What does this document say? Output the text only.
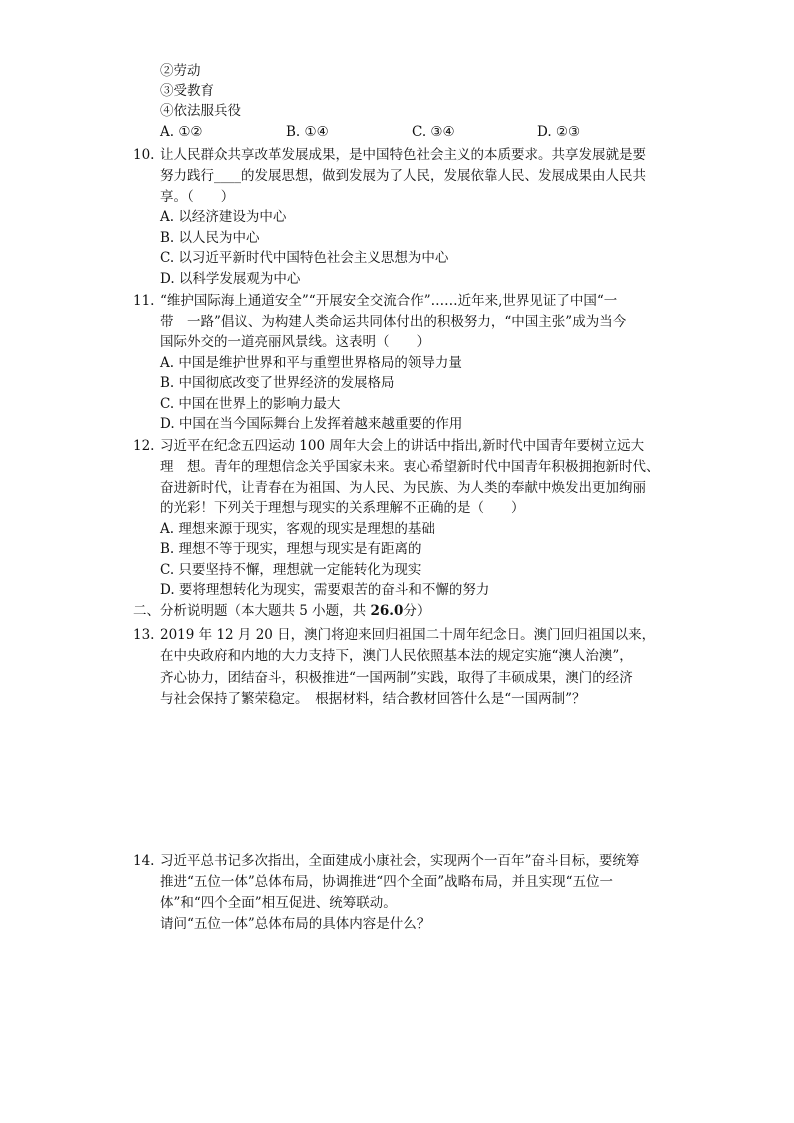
②劳动
③受教育
④依法服兵役
A. ①②	B. ①④	C. ③④	D. ②③
10. 让人民群众共享改革发展成果，是中国特色社会主义的本质要求。共享发展就是要
努力践行____的发展思想，做到发展为了人民，发展依靠人民、发展成果由人民共
享。（　　）
A. 以经济建设为中心
B. 以人民为中心
C. 以习近平新时代中国特色社会主义思想为中心
D. 以科学发展观为中心
11. “维护国际海上通道安全”“开展安全交流合作”……近年来,世界见证了中国“一
带　一路”倡议、为构建人类命运共同体付出的积极努力，“中国主张”成为当今
国际外交的一道亮丽风景线。这表明（　　）
A. 中国是维护世界和平与重塑世界格局的领导力量
B. 中国彻底改变了世界经济的发展格局
C. 中国在世界上的影响力最大
D. 中国在当今国际舞台上发挥着越来越重要的作用
12. 习近平在纪念五四运动 100 周年大会上的讲话中指出,新时代中国青年要树立远大
理　想。青年的理想信念关乎国家未来。衷心希望新时代中国青年积极拥抱新时代、
奋进新时代，让青春在为祖国、为人民、为民族、为人类的奉献中焕发出更加绚丽
的光彩！下列关于理想与现实的关系理解不正确的是（　　）
A. 理想来源于现实，客观的现实是理想的基础
B. 理想不等于现实，理想与现实是有距离的
C. 只要坚持不懈，理想就一定能转化为现实
D. 要将理想转化为现实，需要艰苦的奋斗和不懈的努力
二、分析说明题（本大题共 5 小题，共 26.0分）
13. 2019 年 12 月 20 日，澳门将迎来回归祖国二十周年纪念日。澳门回归祖国以来，
在中央政府和内地的大力支持下，澳门人民依照基本法的规定实施“澳人治澳”，
齐心协力，团结奋斗，积极推进“一国两制”实践，取得了丰硕成果，澳门的经济
与社会保持了繁荣稳定。　根据材料，结合教材回答什么是“一国两制”？
14. 习近平总书记多次指出，全面建成小康社会，实现两个一百年”奋斗目标，要统筹
推进“五位一体”总体布局，协调推进“四个全面”战略布局，并且实现“五位一
体”和“四个全面”相互促进、统筹联动。
请问“五位一体”总体布局的具体内容是什么？
